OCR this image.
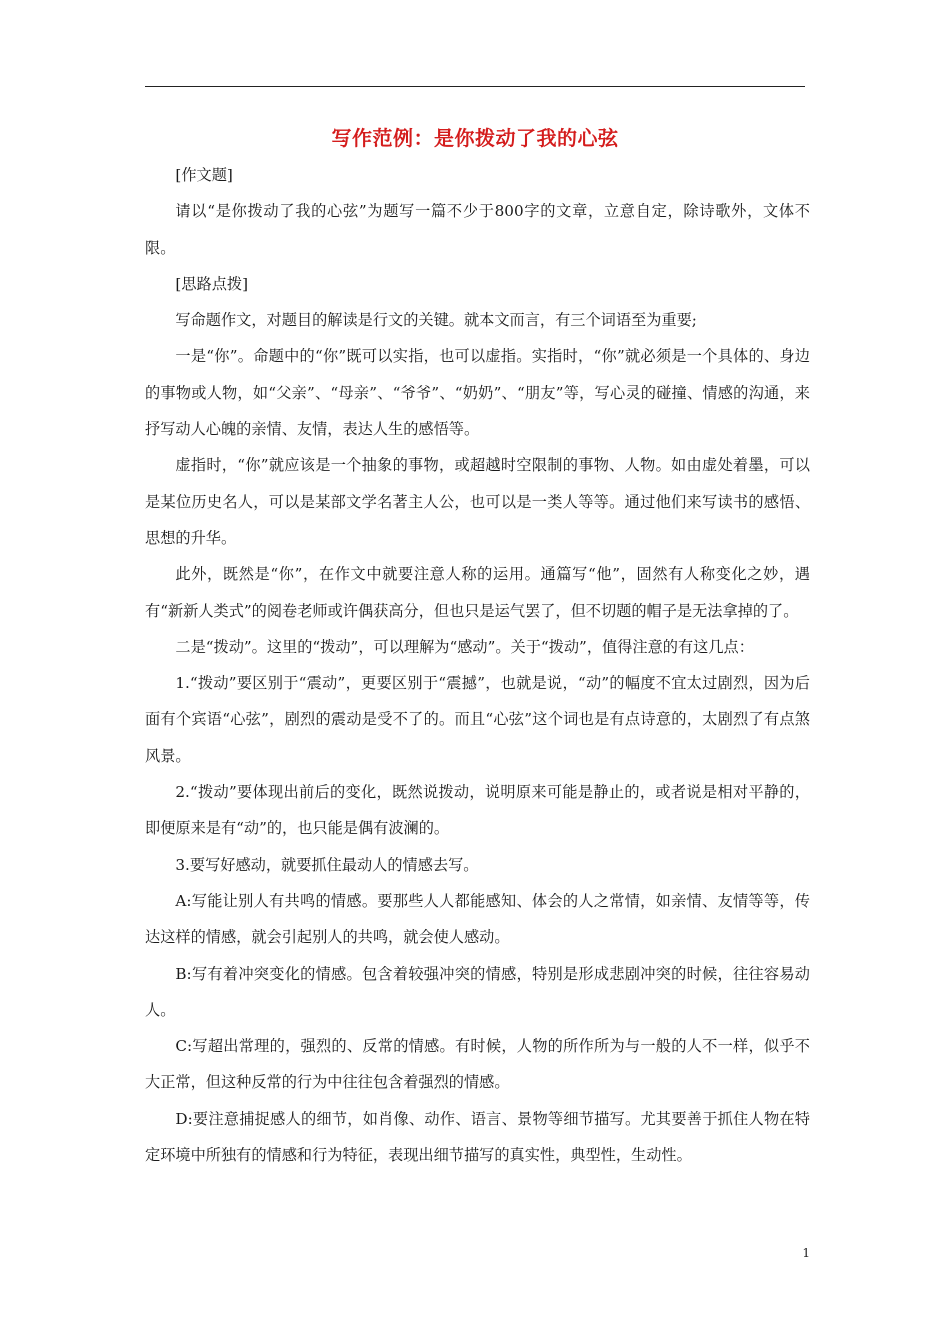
写作范例：是你拨动了我的心弦

[作文题]

请以“是你拨动了我的心弦”为题写一篇不少于800字的文章，立意自定，除诗歌外，文体不限。

[思路点拨]

写命题作文，对题目的解读是行文的关键。就本文而言，有三个词语至为重要;

一是“你”。命题中的“你”既可以实指，也可以虚指。实指时，“你”就必须是一个具体的、身边的事物或人物，如“父亲”、“母亲”、“爷爷”、“奶奶”、“朋友”等，写心灵的碰撞、情感的沟通，来抒写动人心魄的亲情、友情，表达人生的感悟等。

虚指时，“你”就应该是一个抽象的事物，或超越时空限制的事物、人物。如由虚处着墨，可以是某位历史名人，可以是某部文学名著主人公，也可以是一类人等等。通过他们来写读书的感悟、思想的升华。

此外，既然是“你”，在作文中就要注意人称的运用。通篇写“他”，固然有人称变化之妙，遇有“新新人类式”的阅卷老师或许偶获高分，但也只是运气罢了，但不切题的帽子是无法拿掉的了。

二是“拨动”。这里的“拨动”，可以理解为“感动”。关于“拨动”，值得注意的有这几点：

1.“拨动”要区别于“震动”，更要区别于“震撼”，也就是说，“动”的幅度不宜太过剧烈，因为后面有个宾语“心弦”，剧烈的震动是受不了的。而且“心弦”这个词也是有点诗意的，太剧烈了有点煞风景。

2.“拨动”要体现出前后的变化，既然说拨动，说明原来可能是静止的，或者说是相对平静的，即便原来是有“动”的，也只能是偶有波澜的。

3.要写好感动，就要抓住最动人的情感去写。

A:写能让别人有共鸣的情感。要那些人人都能感知、体会的人之常情，如亲情、友情等等，传达这样的情感，就会引起别人的共鸣，就会使人感动。

B:写有着冲突变化的情感。包含着较强冲突的情感，特别是形成悲剧冲突的时候，往往容易动人。

C:写超出常理的，强烈的、反常的情感。有时候，人物的所作所为与一般的人不一样，似乎不大正常，但这种反常的行为中往往包含着强烈的情感。

D:要注意捕捉感人的细节，如肖像、动作、语言、景物等细节描写。尤其要善于抓住人物在特定环境中所独有的情感和行为特征，表现出细节描写的真实性，典型性，生动性。

1
